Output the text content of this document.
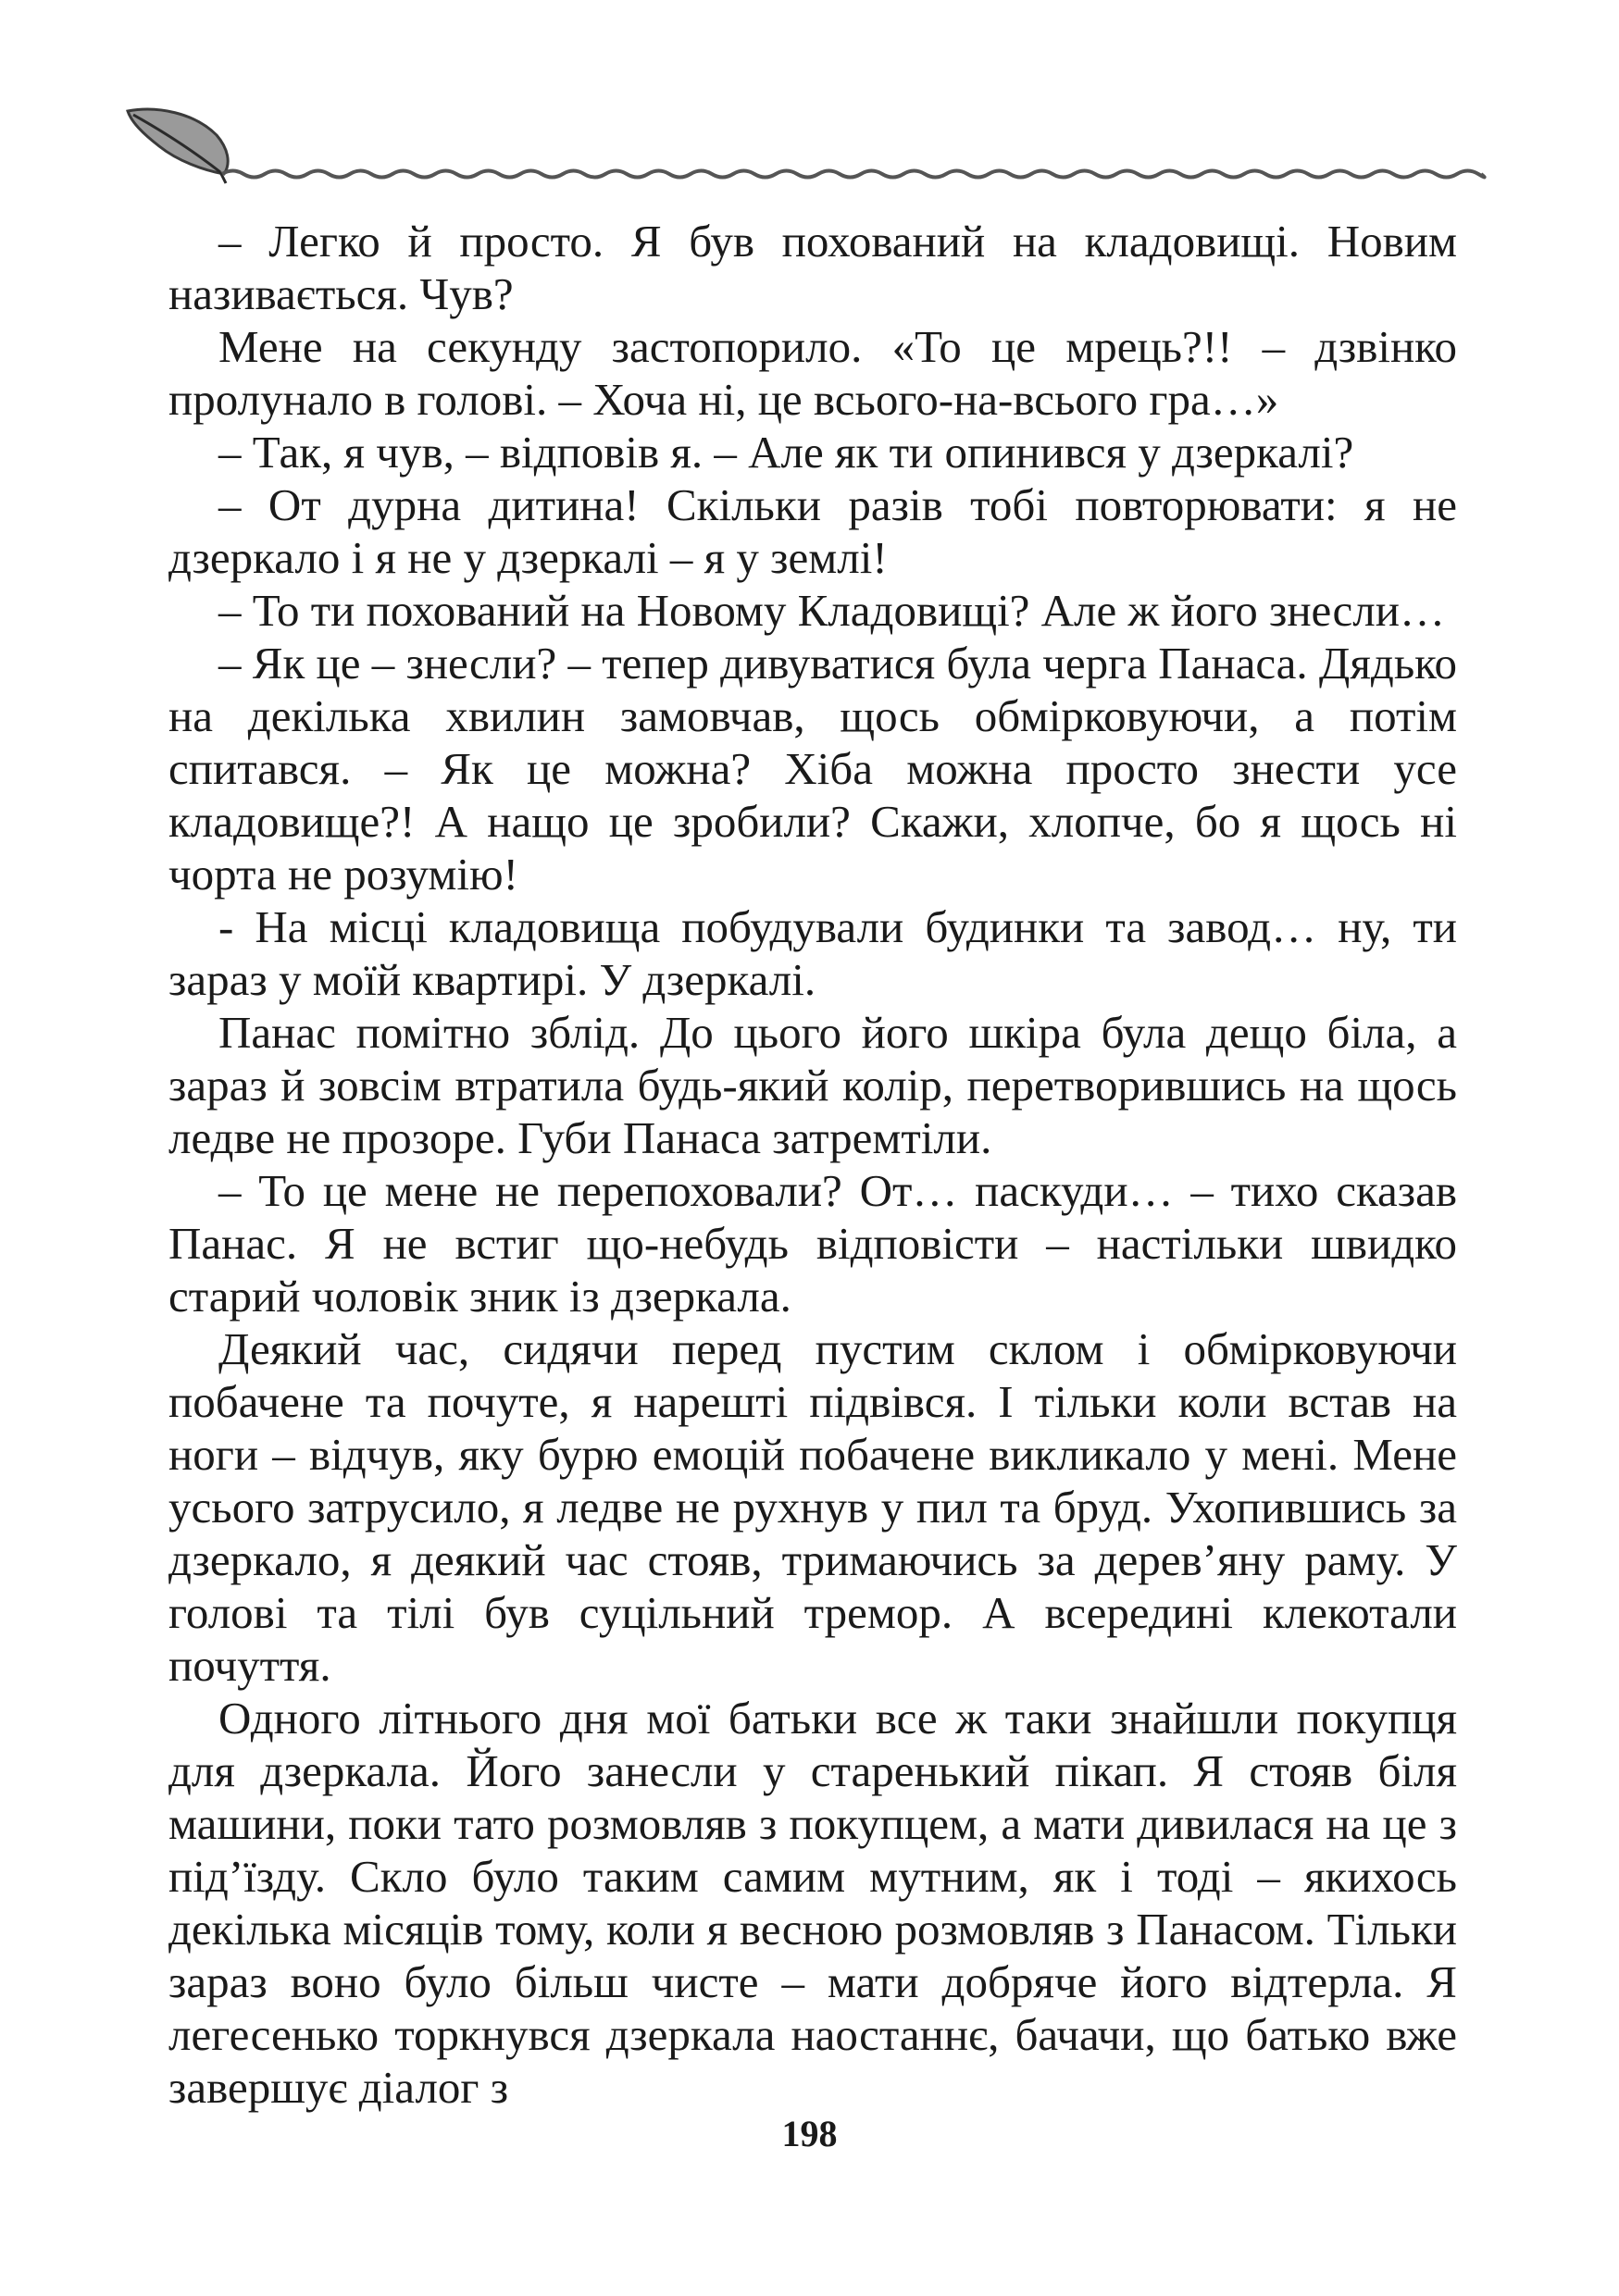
– Легко й просто. Я був похований на кладовищі. Новим називається. Чув?

Мене на секунду застопорило. «То це мрець?!! – дзвінко пролунало в голові. – Хоча ні, це всього-на-всього гра…»

– Так, я чув, – відповів я. – Але як ти опинився у дзеркалі?

– От дурна дитина! Скільки разів тобі повторювати: я не дзеркало і я не у дзеркалі – я у землі!

– То ти похований на Новому Кладовищі? Але ж його знесли…

– Як це – знесли? – тепер дивуватися була черга Панаса. Дядько на декілька хвилин замовчав, щось обмірковуючи, а потім спитався. – Як це можна? Хіба можна просто знести усе кладовище?! А нащо це зробили? Скажи, хлопче, бо я щось ні чорта не розумію!

- На місці кладовища побудували будинки та завод… ну, ти зараз у моїй квартирі. У дзеркалі.

Панас помітно зблід. До цього його шкіра була дещо біла, а зараз й зовсім втратила будь-який колір, перетворившись на щось ледве не прозоре. Губи Панаса затремтіли.

– То це мене не перепоховали? От… паскуди… – тихо сказав Панас. Я не встиг що-небудь відповісти – настільки швидко старий чоловік зник із дзеркала.

Деякий час, сидячи перед пустим склом і обмірковуючи побачене та почуте, я нарешті підвівся. І тільки коли встав на ноги – відчув, яку бурю емоцій побачене викликало у мені. Мене усього затрусило, я ледве не рухнув у пил та бруд. Ухопившись за дзеркало, я деякий час стояв, тримаючись за дерев’яну раму. У голові та тілі був суцільний тремор. А всередині клекотали почуття.

Одного літнього дня мої батьки все ж таки знайшли покупця для дзеркала. Його занесли у старенький пікап. Я стояв біля машини, поки тато розмовляв з покупцем, а мати дивилася на це з під’їзду. Скло було таким самим мутним, як і тоді – якихось декілька місяців тому, коли я весною розмовляв з Панасом. Тільки зараз воно було більш чисте – мати добряче його відтерла. Я легесенько торкнувся дзеркала наостаннє, бачачи, що батько вже завершує діалог з

198
